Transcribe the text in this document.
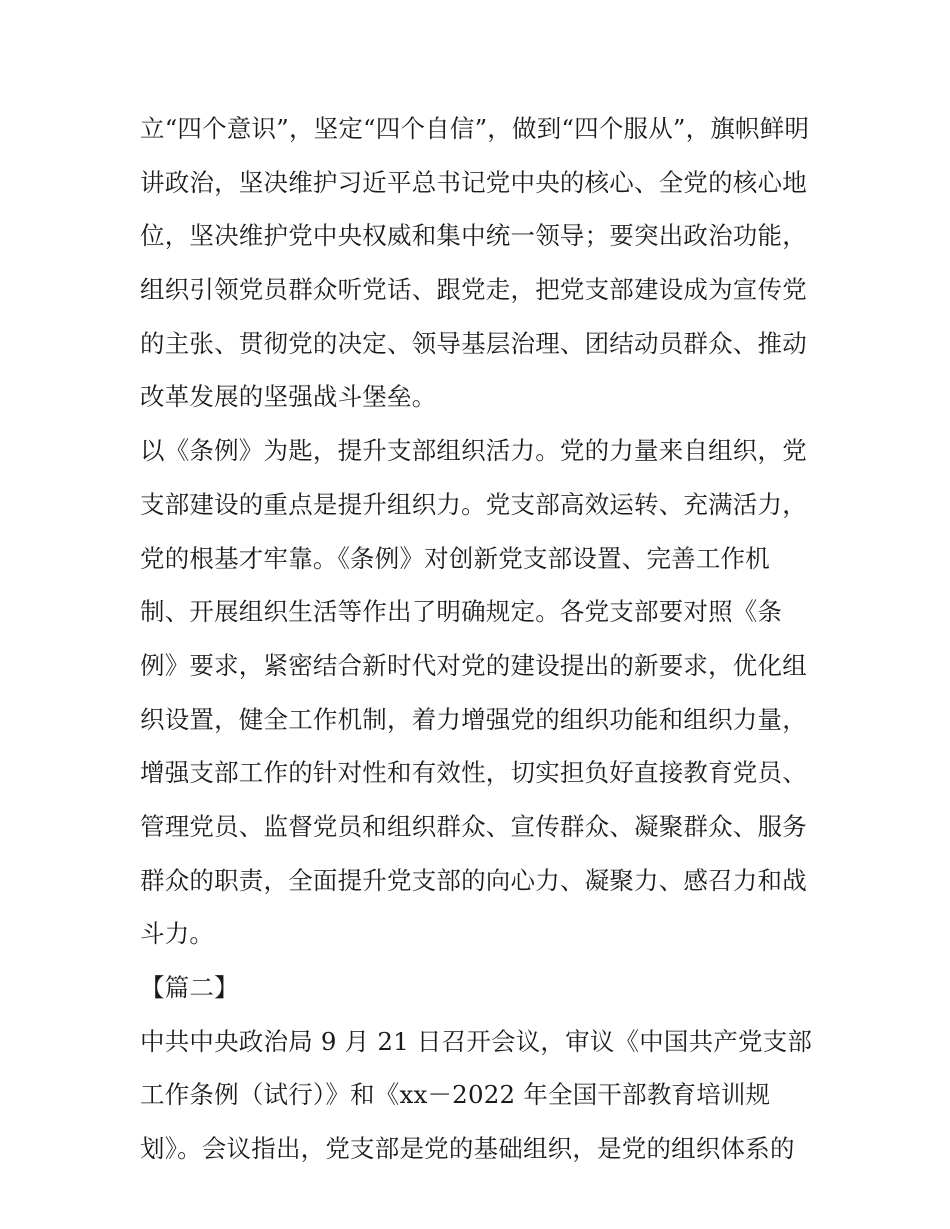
立“四个意识”，坚定“四个自信”，做到“四个服从”，旗帜鲜明
讲政治，坚决维护习近平总书记党中央的核心、全党的核心地
位，坚决维护党中央权威和集中统一领导；要突出政治功能，
组织引领党员群众听党话、跟党走，把党支部建设成为宣传党
的主张、贯彻党的决定、领导基层治理、团结动员群众、推动
改革发展的坚强战斗堡垒。
以《条例》为匙，提升支部组织活力。党的力量来自组织，党
支部建设的重点是提升组织力。党支部高效运转、充满活力，
党的根基才牢靠。《条例》对创新党支部设置、完善工作机
制、开展组织生活等作出了明确规定。各党支部要对照《条
例》要求，紧密结合新时代对党的建设提出的新要求，优化组
织设置，健全工作机制，着力增强党的组织功能和组织力量，
增强支部工作的针对性和有效性，切实担负好直接教育党员、
管理党员、监督党员和组织群众、宣传群众、凝聚群众、服务
群众的职责，全面提升党支部的向心力、凝聚力、感召力和战
斗力。
【篇二】
中共中央政治局 9 月 21 日召开会议，审议《中国共产党支部
工作条例（试行）》和《xx－2022 年全国干部教育培训规
划》。会议指出，党支部是党的基础组织，是党的组织体系的
